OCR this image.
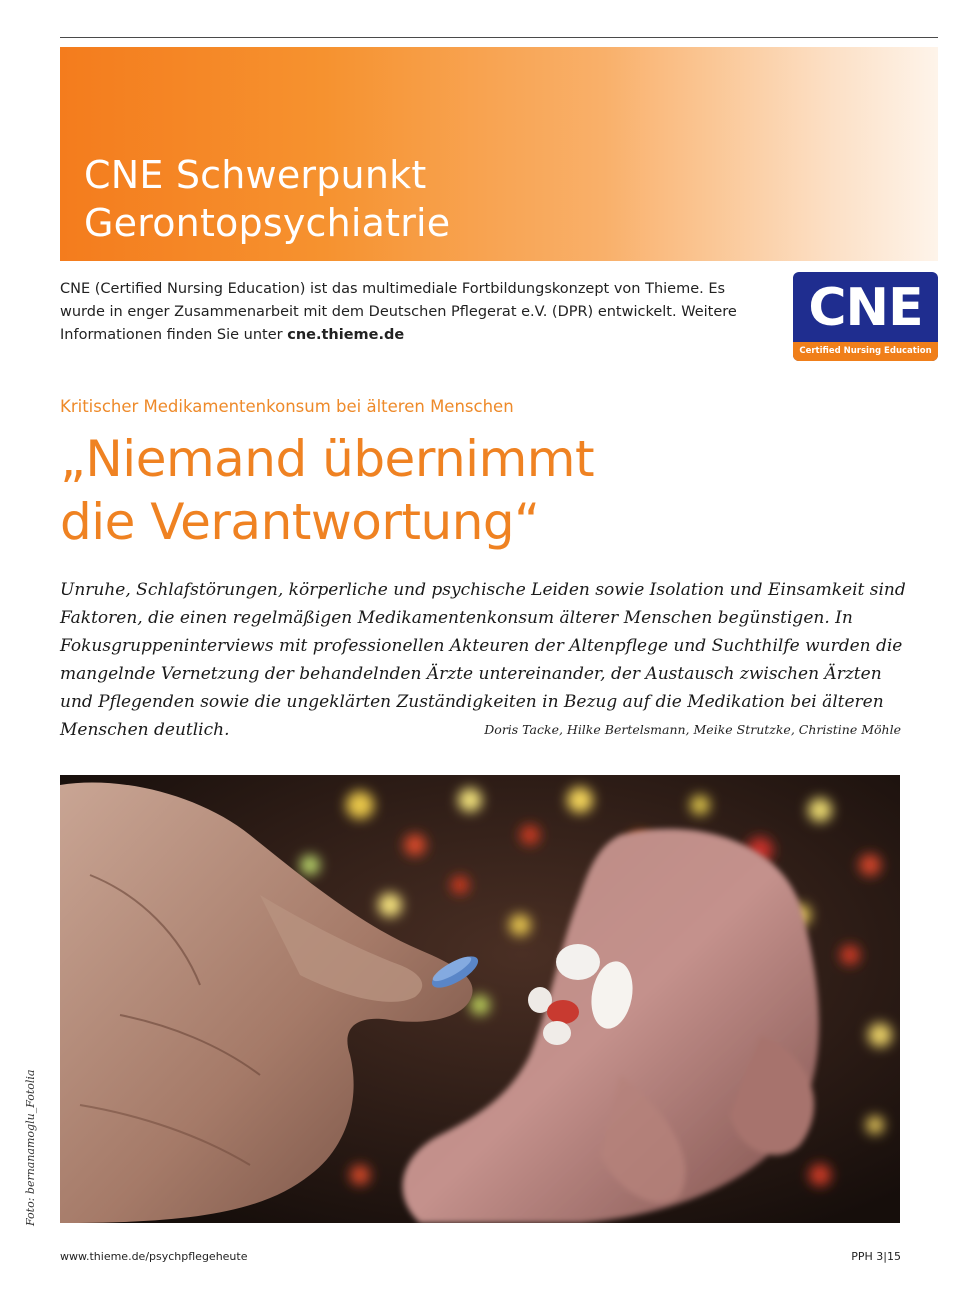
CNE Schwerpunkt
Gerontopsychiatrie

CNE (Certified Nursing Education) ist das multimediale Fortbildungskonzept von Thieme. Es wurde in enger Zusammenarbeit mit dem Deutschen Pflegerat e.V. (DPR) entwickelt. Weitere Informationen finden Sie unter cne.thieme.de	CNE
Certified Nursing Education

Kritischer Medikamentenkonsum bei älteren Menschen

„Niemand übernimmt
die Verantwortung“

Unruhe, Schlafstörungen, körperliche und psychische Leiden sowie Isolation und Einsamkeit sind Faktoren, die einen regelmäßigen Medikamentenkonsum älterer Menschen begünstigen. In Fokusgruppeninterviews mit professionellen Akteuren der Altenpflege und Suchthilfe wurden die mangelnde Vernetzung der behandelnden Ärzte untereinander, der Austausch zwischen Ärzten und Pflegenden sowie die ungeklärten Zuständigkeiten in Bezug auf die Medikation bei älteren Menschen deutlich.	Doris Tacke, Hilke Bertelsmann, Meike Strutzke, Christine Möhle

Foto: bernanamoglu_Fotolia
www.thieme.de/psychpflegeheute	PPH 3|15
